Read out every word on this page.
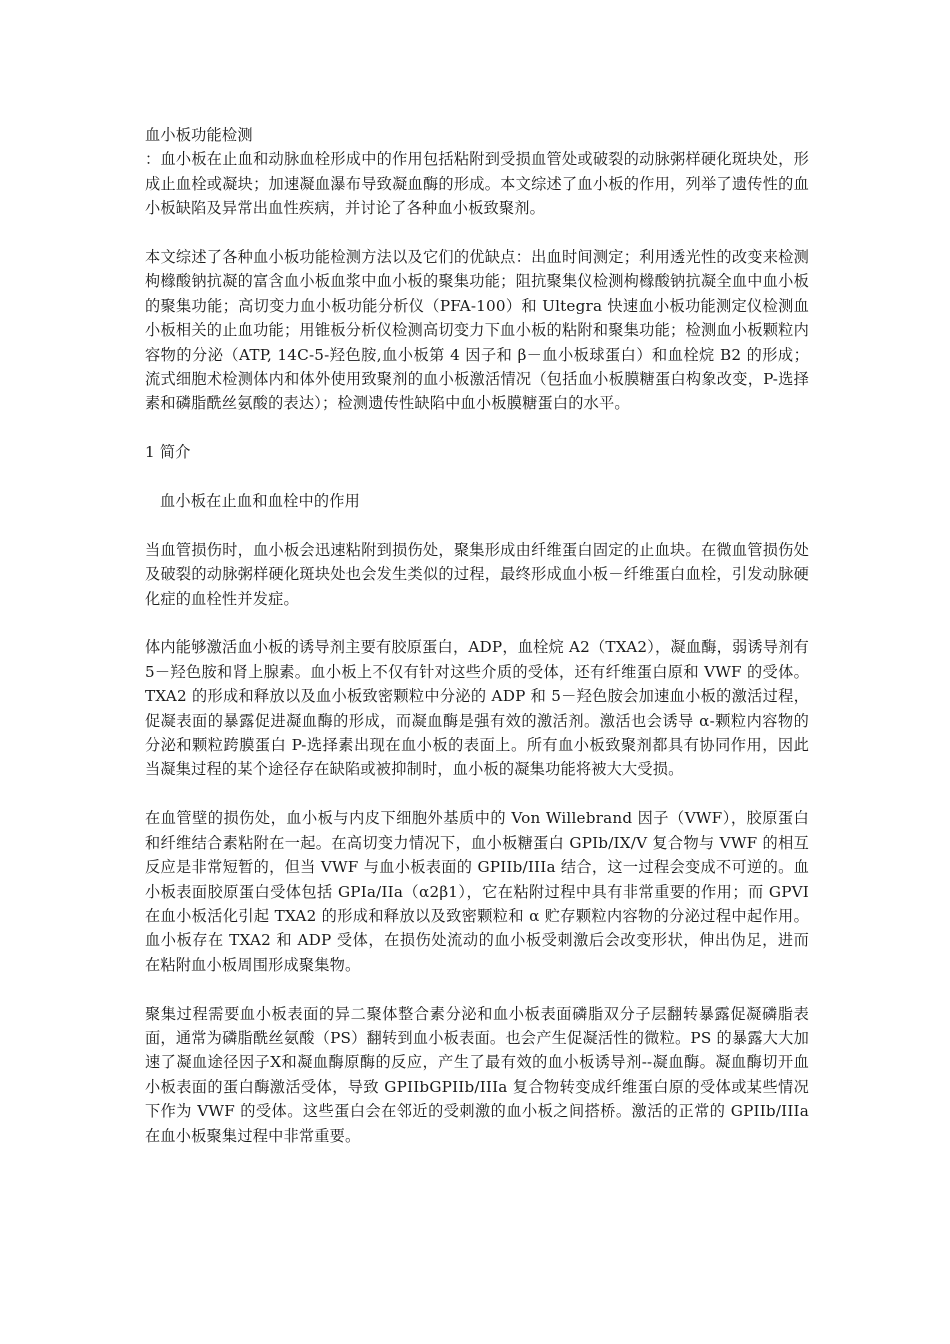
血小板功能检测

：血小板在止血和动脉血栓形成中的作用包括粘附到受损血管处或破裂的动脉粥样硬化斑块处，形成止血栓或凝块；加速凝血瀑布导致凝血酶的形成。本文综述了血小板的作用，列举了遗传性的血小板缺陷及异常出血性疾病，并讨论了各种血小板致聚剂。

本文综述了各种血小板功能检测方法以及它们的优缺点：出血时间测定；利用透光性的改变来检测枸橼酸钠抗凝的富含血小板血浆中血小板的聚集功能；阻抗聚集仪检测枸橼酸钠抗凝全血中血小板的聚集功能；高切变力血小板功能分析仪（PFA-100）和 Ultegra 快速血小板功能测定仪检测血小板相关的止血功能；用锥板分析仪检测高切变力下血小板的粘附和聚集功能；检测血小板颗粒内容物的分泌（ATP, 14C-5-羟色胺,血小板第 4 因子和 β－血小板球蛋白）和血栓烷 B2 的形成；流式细胞术检测体内和体外使用致聚剂的血小板激活情况（包括血小板膜糖蛋白构象改变，P-选择素和磷脂酰丝氨酸的表达）；检测遗传性缺陷中血小板膜糖蛋白的水平。

1 简介

血小板在止血和血栓中的作用

当血管损伤时，血小板会迅速粘附到损伤处，聚集形成由纤维蛋白固定的止血块。在微血管损伤处及破裂的动脉粥样硬化斑块处也会发生类似的过程，最终形成血小板－纤维蛋白血栓，引发动脉硬化症的血栓性并发症。

体内能够激活血小板的诱导剂主要有胶原蛋白，ADP，血栓烷 A2（TXA2），凝血酶，弱诱导剂有 5－羟色胺和肾上腺素。血小板上不仅有针对这些介质的受体，还有纤维蛋白原和 VWF 的受体。TXA2 的形成和释放以及血小板致密颗粒中分泌的 ADP 和 5－羟色胺会加速血小板的激活过程，促凝表面的暴露促进凝血酶的形成，而凝血酶是强有效的激活剂。激活也会诱导 α-颗粒内容物的分泌和颗粒跨膜蛋白 P-选择素出现在血小板的表面上。所有血小板致聚剂都具有协同作用，因此当凝集过程的某个途径存在缺陷或被抑制时，血小板的凝集功能将被大大受损。

在血管壁的损伤处，血小板与内皮下细胞外基质中的 Von Willebrand 因子（VWF），胶原蛋白和纤维结合素粘附在一起。在高切变力情况下，血小板糖蛋白 GPIb/IX/V 复合物与 VWF 的相互反应是非常短暂的，但当 VWF 与血小板表面的 GPIIb/IIIa 结合，这一过程会变成不可逆的。血小板表面胶原蛋白受体包括 GPIa/IIa（α2β1），它在粘附过程中具有非常重要的作用；而 GPVI 在血小板活化引起 TXA2 的形成和释放以及致密颗粒和 α 贮存颗粒内容物的分泌过程中起作用。血小板存在 TXA2 和 ADP 受体，在损伤处流动的血小板受刺激后会改变形状，伸出伪足，进而在粘附血小板周围形成聚集物。

聚集过程需要血小板表面的异二聚体整合素分泌和血小板表面磷脂双分子层翻转暴露促凝磷脂表面，通常为磷脂酰丝氨酸（PS）翻转到血小板表面。也会产生促凝活性的微粒。PS 的暴露大大加速了凝血途径因子Ⅹ和凝血酶原酶的反应，产生了最有效的血小板诱导剂--凝血酶。凝血酶切开血小板表面的蛋白酶激活受体，导致 GPIIbGPIIb/IIIa 复合物转变成纤维蛋白原的受体或某些情况下作为 VWF 的受体。这些蛋白会在邻近的受刺激的血小板之间搭桥。激活的正常的 GPIIb/IIIa 在血小板聚集过程中非常重要。
